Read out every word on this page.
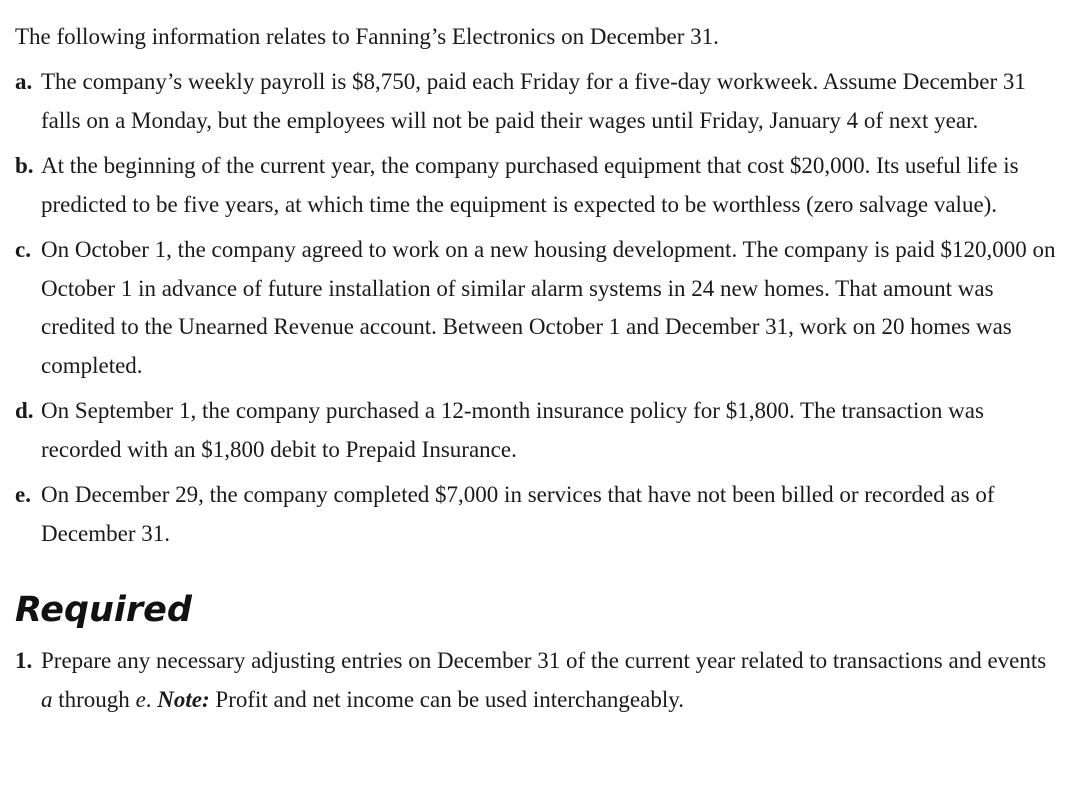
The following information relates to Fanning’s Electronics on December 31.

a. The company’s weekly payroll is $8,750, paid each Friday for a five-day workweek. Assume December 31 falls on a Monday, but the employees will not be paid their wages until Friday, January 4 of next year.
b. At the beginning of the current year, the company purchased equipment that cost $20,000. Its useful life is predicted to be five years, at which time the equipment is expected to be worthless (zero salvage value).
c. On October 1, the company agreed to work on a new housing development. The company is paid $120,000 on October 1 in advance of future installation of similar alarm systems in 24 new homes. That amount was credited to the Unearned Revenue account. Between October 1 and December 31, work on 20 homes was completed.
d. On September 1, the company purchased a 12-month insurance policy for $1,800. The transaction was recorded with an $1,800 debit to Prepaid Insurance.
e. On December 29, the company completed $7,000 in services that have not been billed or recorded as of December 31.
Required
1. Prepare any necessary adjusting entries on December 31 of the current year related to transactions and events a through e. Note: Profit and net income can be used interchangeably.
